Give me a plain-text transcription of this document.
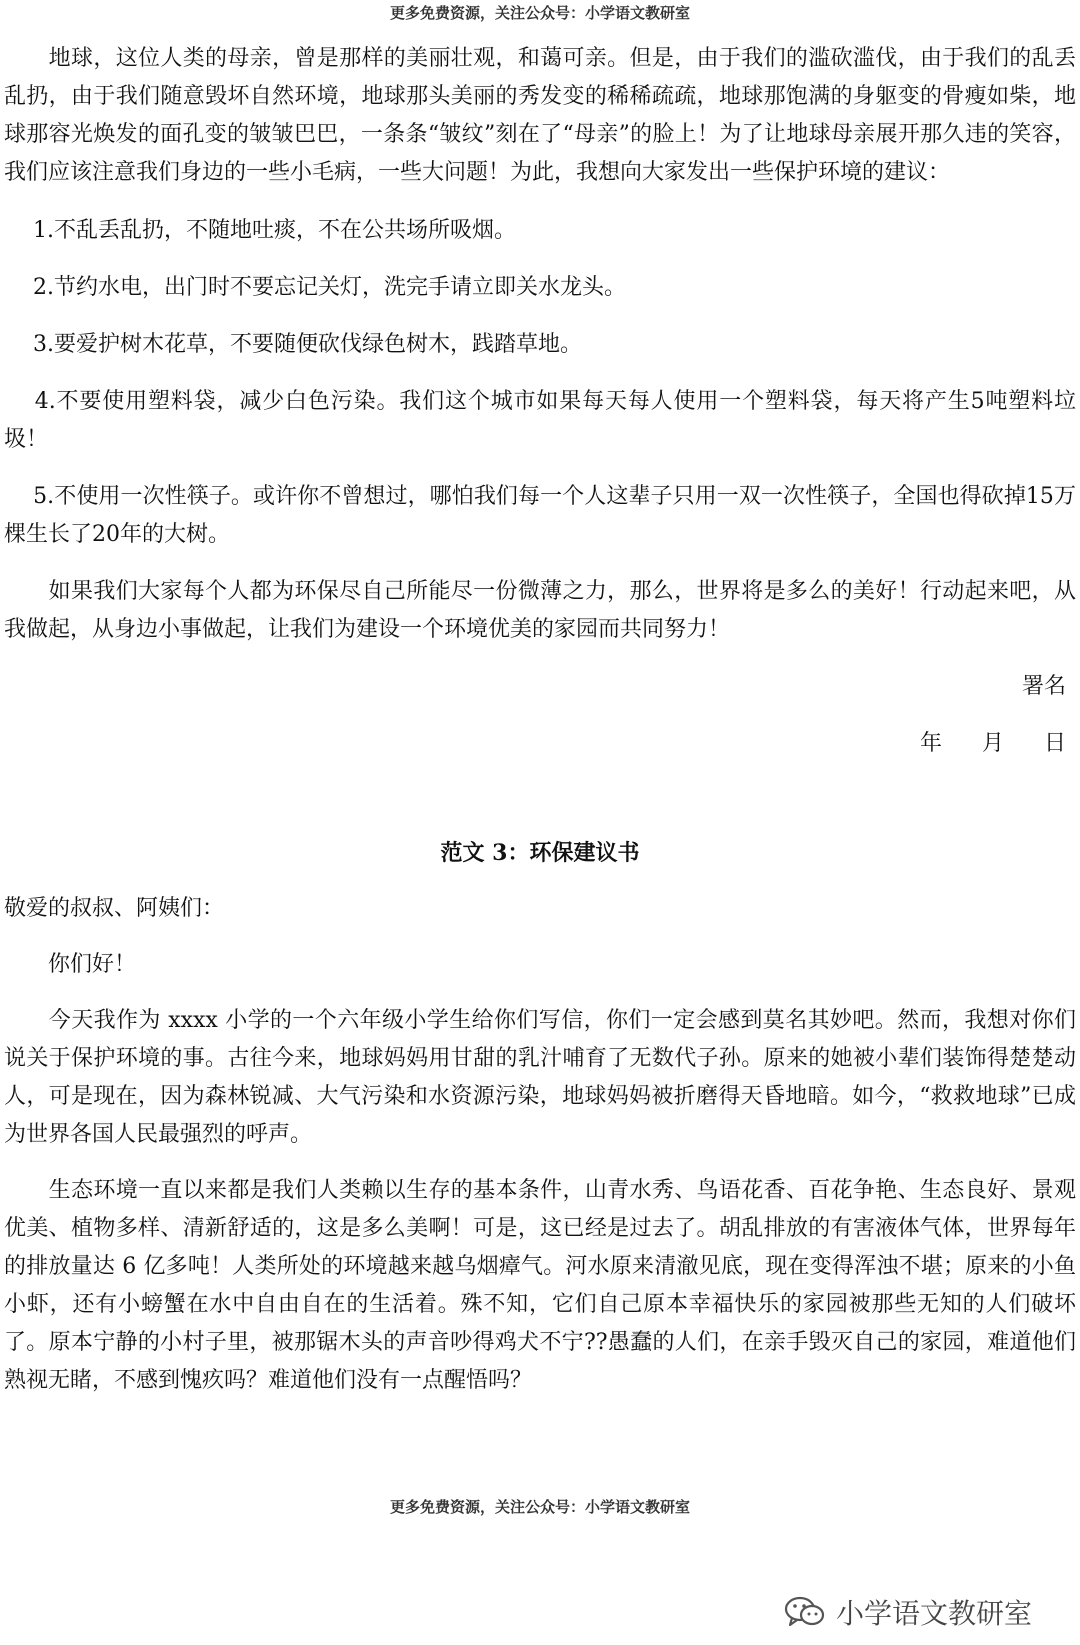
更多免费资源，关注公众号：小学语文教研室

　　地球，这位人类的母亲，曾是那样的美丽壮观，和蔼可亲。但是，由于我们的滥砍滥伐，由于我们的乱丢乱扔，由于我们随意毁坏自然环境，地球那头美丽的秀发变的稀稀疏疏，地球那饱满的身躯变的骨瘦如柴，地球那容光焕发的面孔变的皱皱巴巴，一条条“皱纹”刻在了“母亲”的脸上！为了让地球母亲展开那久违的笑容，我们应该注意我们身边的一些小毛病，一些大问题！为此，我想向大家发出一些保护环境的建议：

　 1.不乱丢乱扔，不随地吐痰，不在公共场所吸烟。

　 2.节约水电，出门时不要忘记关灯，洗完手请立即关水龙头。

　 3.要爱护树木花草，不要随便砍伐绿色树木，践踏草地。

　 4.不要使用塑料袋，减少白色污染。我们这个城市如果每天每人使用一个塑料袋，每天将产生5吨塑料垃圾！

　 5.不使用一次性筷子。或许你不曾想过，哪怕我们每一个人这辈子只用一双一次性筷子，全国也得砍掉15万棵生长了20年的大树。

　　如果我们大家每个人都为环保尽自己所能尽一份微薄之力，那么，世界将是多么的美好！行动起来吧，从我做起，从身边小事做起，让我们为建设一个环境优美的家园而共同努力！

署名

年 月 日

范文 3：环保建议书

敬爱的叔叔、阿姨们：

　　你们好！

　　今天我作为 xxxx 小学的一个六年级小学生给你们写信，你们一定会感到莫名其妙吧。然而，我想对你们说关于保护环境的事。古往今来，地球妈妈用甘甜的乳汁哺育了无数代子孙。原来的她被小辈们装饰得楚楚动人，可是现在，因为森林锐减、大气污染和水资源污染，地球妈妈被折磨得天昏地暗。如今，“救救地球”已成为世界各国人民最强烈的呼声。

　　生态环境一直以来都是我们人类赖以生存的基本条件，山青水秀、鸟语花香、百花争艳、生态良好、景观优美、植物多样、清新舒适的，这是多么美啊！可是，这已经是过去了。胡乱排放的有害液体气体，世界每年的排放量达 6 亿多吨！人类所处的环境越来越乌烟瘴气。河水原来清澈见底，现在变得浑浊不堪；原来的小鱼小虾，还有小螃蟹在水中自由自在的生活着。殊不知，它们自己原本幸福快乐的家园被那些无知的人们破坏了。原本宁静的小村子里，被那锯木头的声音吵得鸡犬不宁??愚蠢的人们，在亲手毁灭自己的家园，难道他们熟视无睹，不感到愧疚吗？难道他们没有一点醒悟吗？

更多免费资源，关注公众号：小学语文教研室
小学语文教研室
